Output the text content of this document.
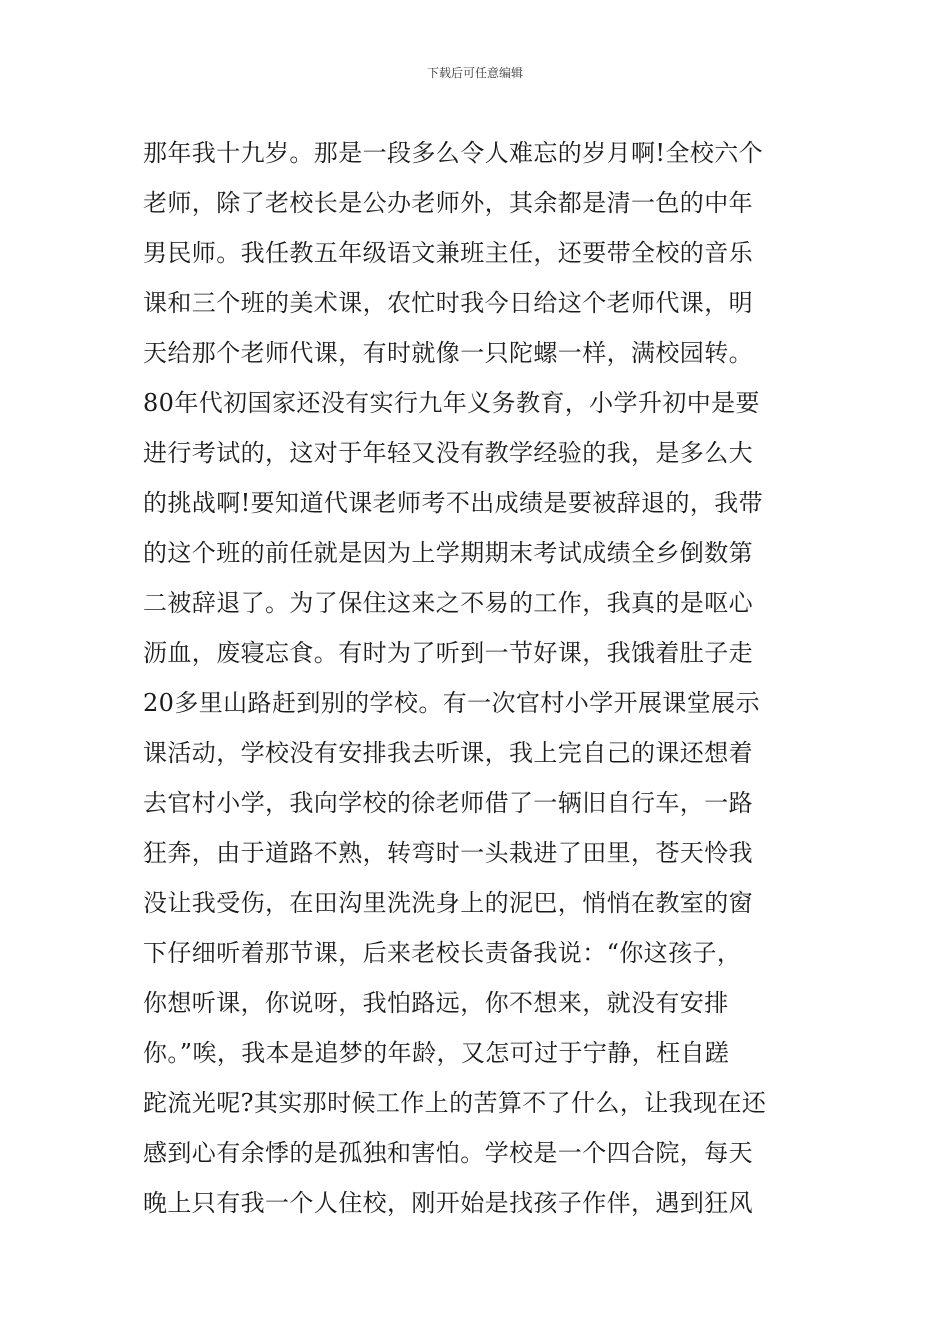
下载后可任意编辑
那年我十九岁。那是一段多么令人难忘的岁月啊!全校六个
老师，除了老校长是公办老师外，其余都是清一色的中年
男民师。我任教五年级语文兼班主任，还要带全校的音乐
课和三个班的美术课，农忙时我今日给这个老师代课，明
天给那个老师代课，有时就像一只陀螺一样，满校园转。
80年代初国家还没有实行九年义务教育，小学升初中是要
进行考试的，这对于年轻又没有教学经验的我，是多么大
的挑战啊!要知道代课老师考不出成绩是要被辞退的，我带
的这个班的前任就是因为上学期期末考试成绩全乡倒数第
二被辞退了。为了保住这来之不易的工作，我真的是呕心
沥血，废寝忘食。有时为了听到一节好课，我饿着肚子走
20多里山路赶到别的学校。有一次官村小学开展课堂展示
课活动，学校没有安排我去听课，我上完自己的课还想着
去官村小学，我向学校的徐老师借了一辆旧自行车，一路
狂奔，由于道路不熟，转弯时一头栽进了田里，苍天怜我
没让我受伤，在田沟里洗洗身上的泥巴，悄悄在教室的窗
下仔细听着那节课，后来老校长责备我说：“你这孩子，
你想听课，你说呀，我怕路远，你不想来，就没有安排
你。”唉，我本是追梦的年龄，又怎可过于宁静，枉自蹉
跎流光呢?其实那时候工作上的苦算不了什么，让我现在还
感到心有余悸的是孤独和害怕。学校是一个四合院，每天
晚上只有我一个人住校，刚开始是找孩子作伴，遇到狂风
